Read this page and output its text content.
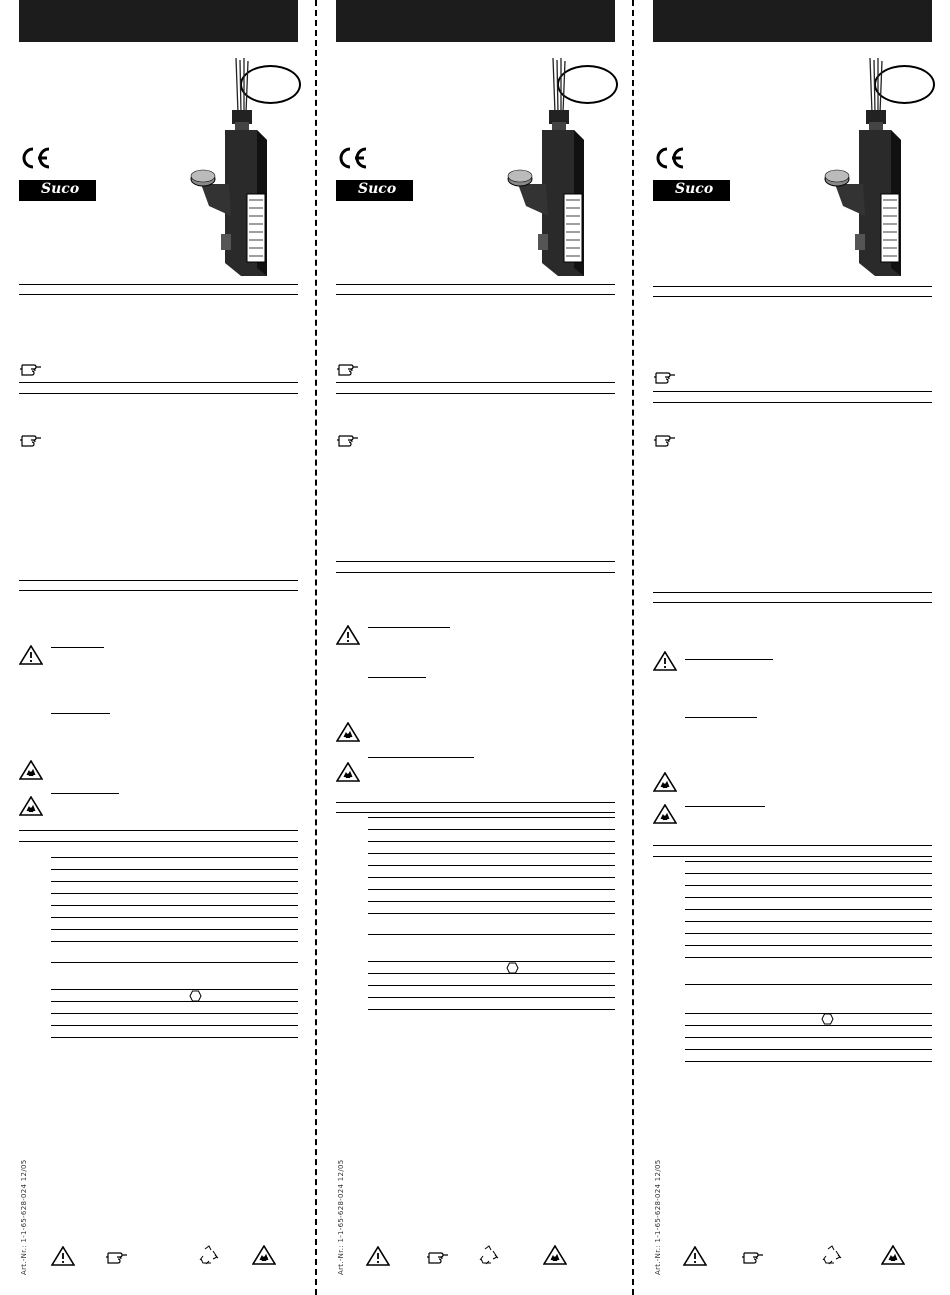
Suco
Art.-Nr.: 1-1-65-628-024 12/05
Suco
Art.-Nr.: 1-1-65-628-024 12/05
Suco
Art.-Nr.: 1-1-65-628-024 12/05
